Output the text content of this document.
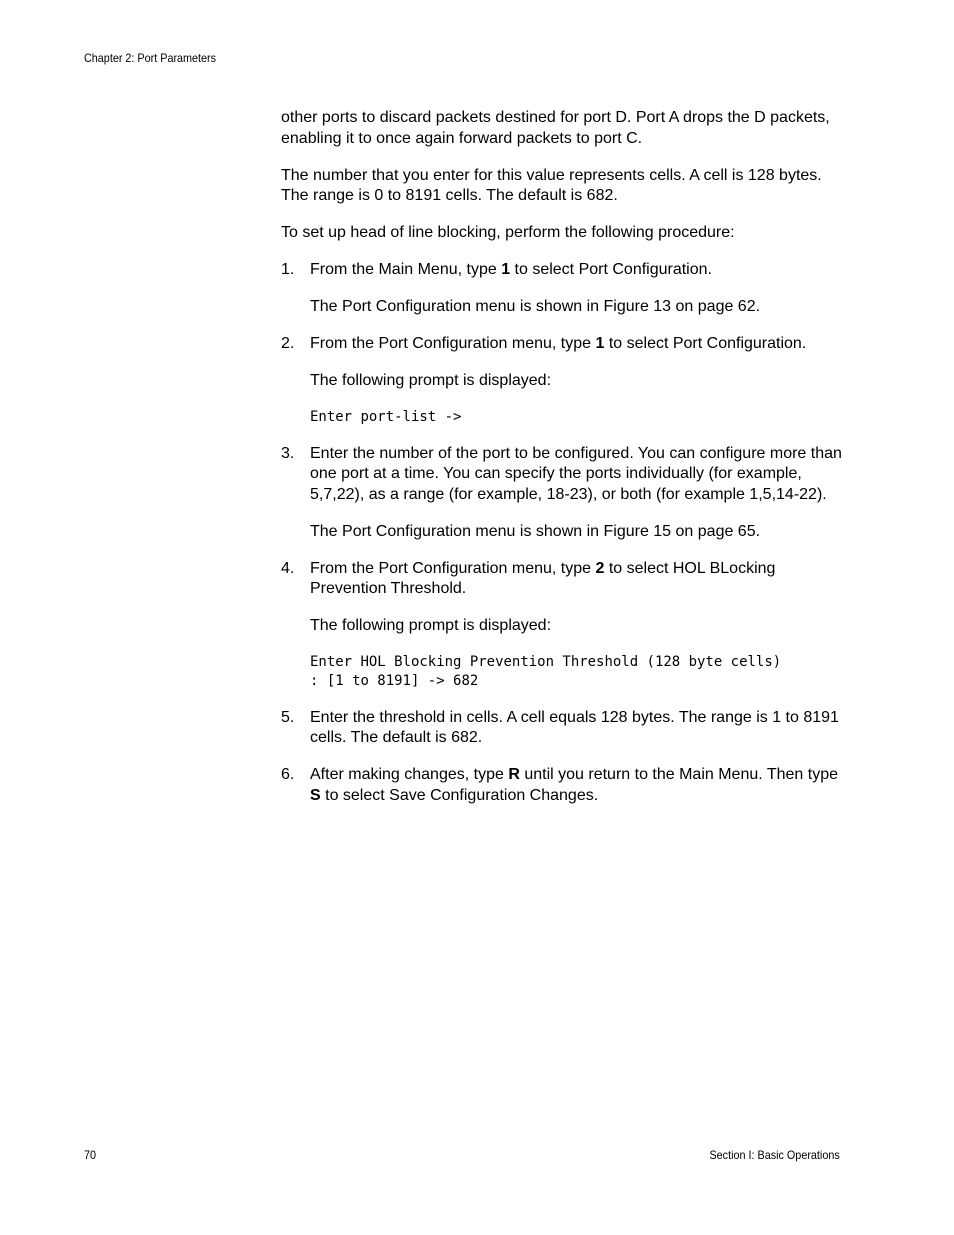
Chapter 2: Port Parameters

other ports to discard packets destined for port D. Port A drops the D packets, enabling it to once again forward packets to port C.

The number that you enter for this value represents cells. A cell is 128 bytes. The range is 0 to 8191 cells. The default is 682.

To set up head of line blocking, perform the following procedure:

1. From the Main Menu, type 1 to select Port Configuration.

The Port Configuration menu is shown in Figure 13 on page 62.

2. From the Port Configuration menu, type 1 to select Port Configuration.

The following prompt is displayed:

Enter port-list ->
3. Enter the number of the port to be configured. You can configure more than one port at a time. You can specify the ports individually (for example, 5,7,22), as a range (for example, 18-23), or both (for example 1,5,14-22).

The Port Configuration menu is shown in Figure 15 on page 65.

4. From the Port Configuration menu, type 2 to select HOL BLocking Prevention Threshold.

The following prompt is displayed:

Enter HOL Blocking Prevention Threshold (128 byte cells)
: [1 to 8191] -> 682
5. Enter the threshold in cells. A cell equals 128 bytes. The range is 1 to 8191 cells. The default is 682.
6. After making changes, type R until you return to the Main Menu. Then type S to select Save Configuration Changes.
70	Section I: Basic Operations
